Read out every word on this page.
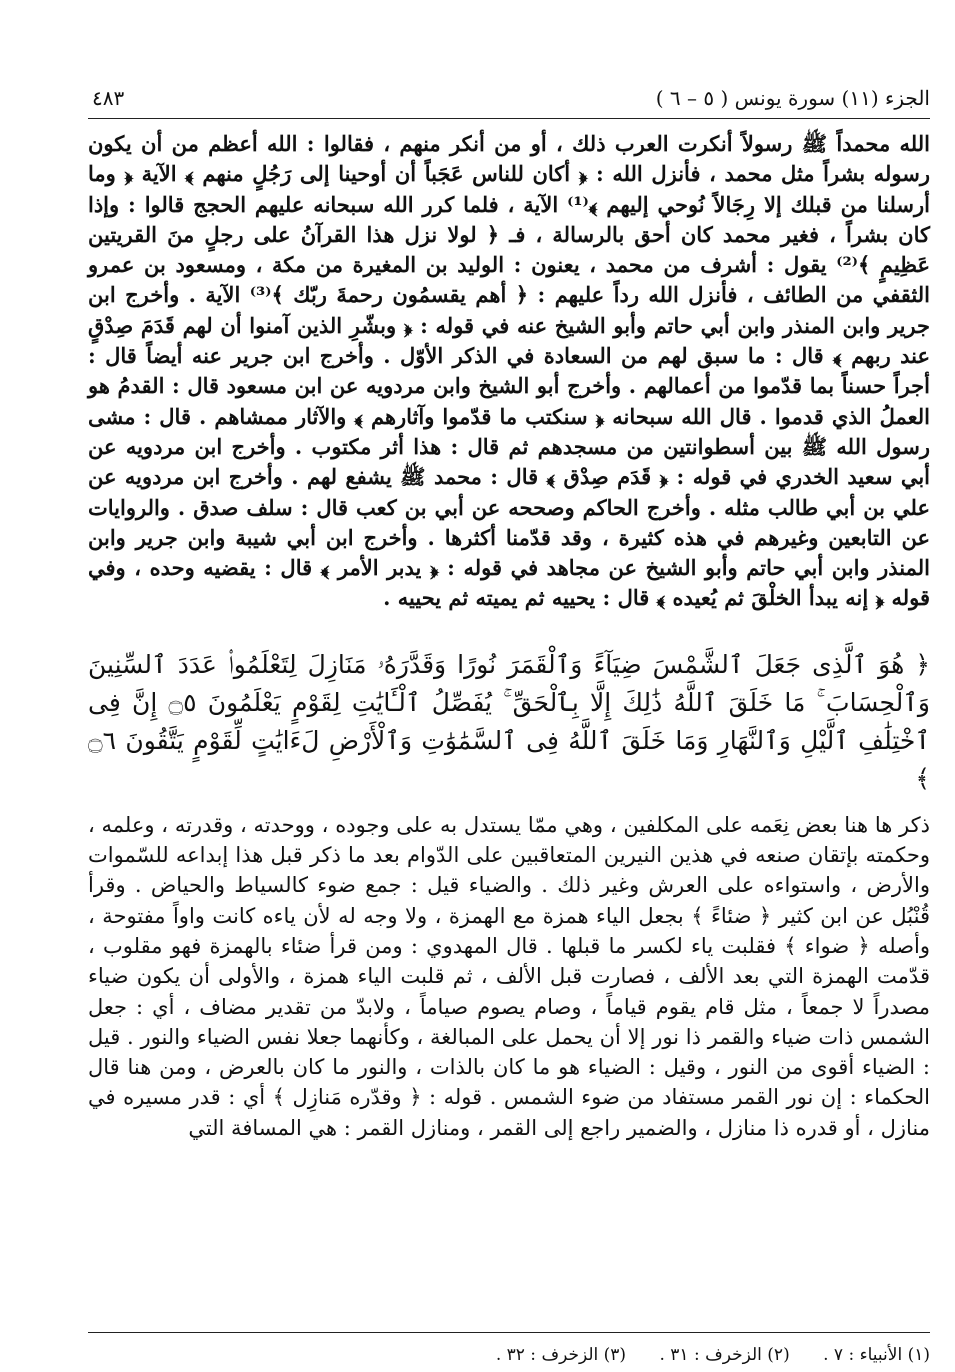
الجزء (١١) سورة يونس ( ٥ – ٦ )
٤٨٣

الله محمداً ﷺ رسولاً أنكرت العرب ذلك ، أو من أنكر منهم ، فقالوا : الله أعظم من أن يكون رسوله بشراً مثل محمد ، فأنزل الله : ﴿ أكان للناس عَجَباً أن أوحينا إلى رَجُلٍ منهم ﴾ الآية ﴿ وما أرسلنا من قبلك إلا رِجَالاً نُوحي إليهم ﴾⁽¹⁾ الآية ، فلما كرر الله سبحانه عليهم الحجج قالوا : وإذا كان بشراً ، فغير محمد كان أحق بالرسالة ، فـ ﴿ لولا نزل هذا القرآنُ على رجلٍ منَ القريتين عَظِيمٍ ﴾⁽²⁾ يقول : أشرف من محمد ، يعنون : الوليد بن المغيرة من مكة ، ومسعود بن عمرو الثقفي من الطائف ، فأنزل الله رداً عليهم : ﴿ أهم يقسمُون رحمةَ ربّك ﴾⁽³⁾ الآية . وأخرج ابن جرير وابن المنذر وابن أبي حاتم وأبو الشيخ عنه في قوله : ﴿ وبشّرِ الذين آمنوا أن لهم قَدَمَ صِدْقٍ عند ربهم ﴾ قال : ما سبق لهم من السعادة في الذكر الأوّل . وأخرج ابن جرير عنه أيضاً قال : أجراً حسناً بما قدّموا من أعمالهم . وأخرج أبو الشيخ وابن مردويه عن ابن مسعود قال : القدمُ هو العملُ الذي قدموا . قال الله سبحانه ﴿ سنكتب ما قدّموا وآثارهم ﴾ والآثار ممشاهم . قال : مشى رسول الله ﷺ بين أسطوانتين من مسجدهم ثم قال : هذا أثر مكتوب . وأخرج ابن مردويه عن أبي سعيد الخدري في قوله : ﴿ قَدَم صِدْق ﴾ قال : محمد ﷺ يشفع لهم . وأخرج ابن مردويه عن علي بن أبي طالب مثله . وأخرج الحاكم وصححه عن أبي بن كعب قال : سلف صدق . والروايات عن التابعين وغيرهم في هذه كثيرة ، وقد قدّمنا أكثرها . وأخرج ابن أبي شيبة وابن جرير وابن المنذر وابن أبي حاتم وأبو الشيخ عن مجاهد في قوله : ﴿ يدبر الأمر ﴾ قال : يقضيه وحده ، وفي قوله ﴿ إنه يبدأ الخلْقَ ثم يُعيده ﴾ قال : يحييه ثم يميته ثم يحييه .

﴿ هُوَ ٱلَّذِى جَعَلَ ٱلشَّمْسَ ضِيَآءً وَٱلْقَمَرَ نُورًا وَقَدَّرَهُۥ مَنَازِلَ لِتَعْلَمُوا۟ عَدَدَ ٱلسِّنِينَ وَٱلْحِسَابَ ۚ مَا خَلَقَ ٱللَّهُ ذَٰلِكَ إِلَّا بِٱلْحَقِّ ۚ يُفَصِّلُ ٱلْـَٔايَٰتِ لِقَوْمٍ يَعْلَمُونَ ۝٥ إِنَّ فِى ٱخْتِلَٰفِ ٱلَّيْلِ وَٱلنَّهَارِ وَمَا خَلَقَ ٱللَّهُ فِى ٱلسَّمَٰوَٰتِ وَٱلْأَرْضِ لَءَايَٰتٍ لِّقَوْمٍ يَتَّقُونَ ۝٦ ﴾

ذكر ها هنا بعض نِعَمه على المكلفين ، وهي ممّا يستدل به على وجوده ، ووحدته ، وقدرته ، وعلمه ، وحكمته بإتقان صنعه في هذين النيرين المتعاقبين على الدّوام بعد ما ذكر قبل هذا إبداعه للسّموات والأرض ، واستواءه على العرش وغير ذلك . والضياء قيل : جمع ضوء كالسياط والحياض . وقرأ قُنْبُل عن ابن كثير ﴿ ضئاءً ﴾ بجعل الياء همزة مع الهمزة ، ولا وجه له لأن ياءه كانت واواً مفتوحة ، وأصله ﴿ ضواء ﴾ فقلبت ياء لكسر ما قبلها . قال المهدوي : ومن قرأ ضئاء بالهمزة فهو مقلوب ، قدّمت الهمزة التي بعد الألف ، فصارت قبل الألف ، ثم قلبت الياء همزة ، والأولى أن يكون ضياء مصدراً لا جمعاً ، مثل قام يقوم قياماً ، وصام يصوم صياماً ، ولابدّ من تقدير مضاف ، أي : جعل الشمس ذات ضياء والقمر ذا نور إلا أن يحمل على المبالغة ، وكأنهما جعلا نفس الضياء والنور . قيل : الضياء أقوى من النور ، وقيل : الضياء هو ما كان بالذات ، والنور ما كان بالعرض ، ومن هنا قال الحكماء : إن نور القمر مستفاد من ضوء الشمس . قوله : ﴿ وقدّره مَنازِل ﴾ أي : قدر مسيره في منازل ، أو قدره ذا منازل ، والضمير راجع إلى القمر ، ومنازل القمر : هي المسافة التي

(١) الأنبياء : ٧ . (٢) الزخرف : ٣١ . (٣) الزخرف : ٣٢ .
